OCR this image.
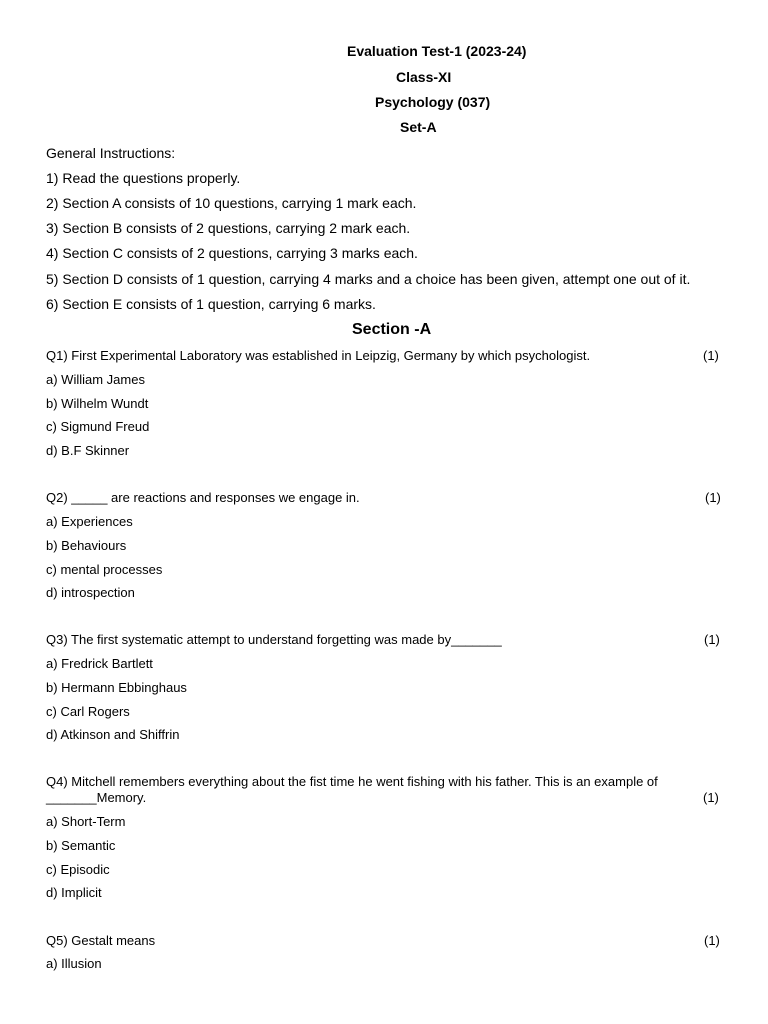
Evaluation Test-1 (2023-24)
Class-XI
Psychology (037)
Set-A
General Instructions:
1) Read the questions properly.
2) Section A consists of 10 questions, carrying 1 mark each.
3) Section B consists of 2 questions, carrying 2 mark each.
4) Section C consists of 2 questions, carrying 3 marks each.
5) Section D consists of 1 question, carrying 4 marks and a choice has been given, attempt one out of it.
6) Section E consists of 1 question, carrying 6 marks.
Section -A
Q1) First Experimental Laboratory was established in Leipzig, Germany by which psychologist.	(1)
a) William James
b) Wilhelm Wundt
c) Sigmund Freud
d) B.F Skinner
Q2) _____ are reactions and responses we engage in.	(1)
a) Experiences
b) Behaviours
c) mental processes
d) introspection
Q3) The first systematic attempt to understand forgetting was made by_______	(1)
a) Fredrick Bartlett
b) Hermann Ebbinghaus
c) Carl Rogers
d) Atkinson and Shiffrin
Q4) Mitchell remembers everything about the fist time he went fishing with his father. This is an example of
_______Memory.	(1)
a) Short-Term
b) Semantic
c) Episodic
d) Implicit
Q5) Gestalt means	(1)
a) Illusion
